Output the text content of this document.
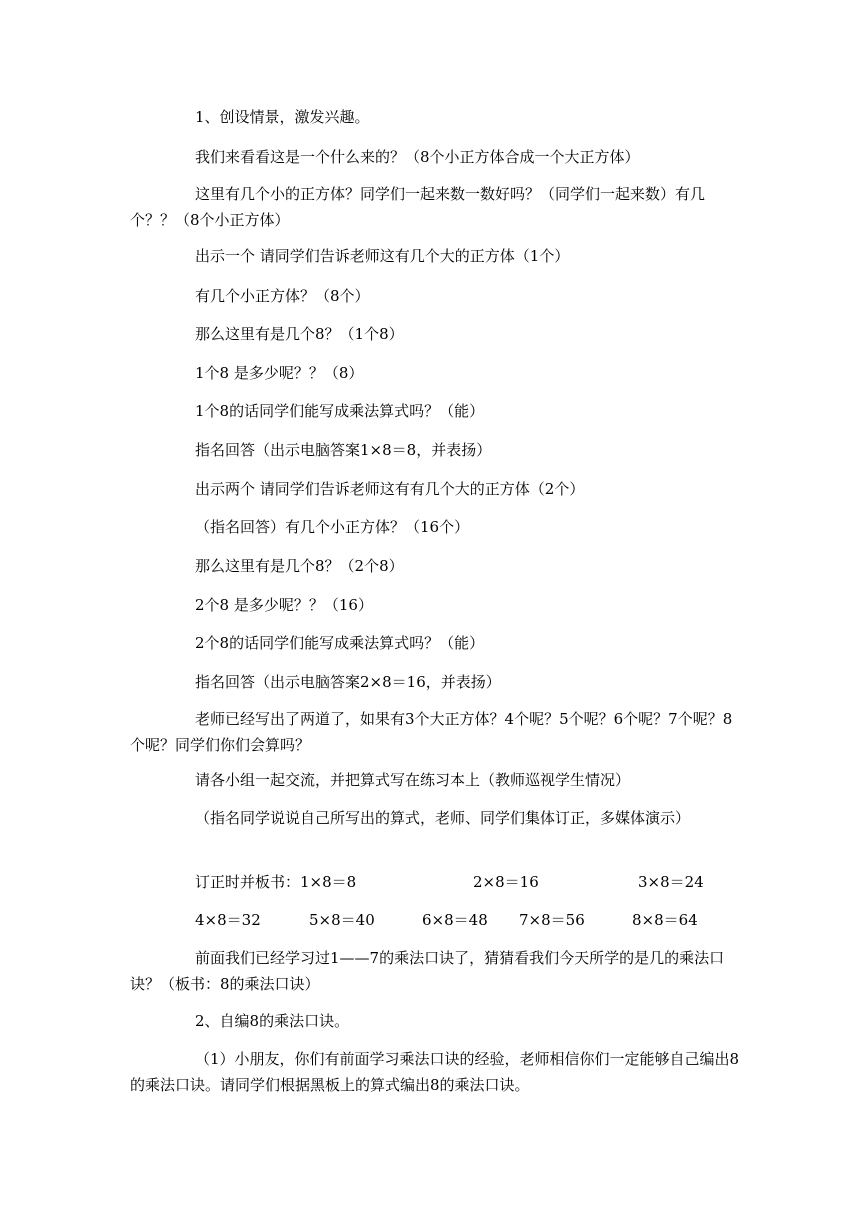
1、创设情景，激发兴趣。

我们来看看这是一个什么来的？（8个小正方体合成一个大正方体）

这里有几个小的正方体？同学们一起来数一数好吗？（同学们一起来数）有几个？？（8个小正方体）

出示一个 请同学们告诉老师这有几个大的正方体（1个）

有几个小正方体？（8个）

那么这里有是几个8？（1个8）

1个8 是多少呢？？（8）

1个8的话同学们能写成乘法算式吗？（能）

指名回答（出示电脑答案1×8＝8，并表扬）

出示两个 请同学们告诉老师这有有几个大的正方体（2个）

（指名回答）有几个小正方体？（16个）

那么这里有是几个8？（2个8）

2个8 是多少呢？？（16）

2个8的话同学们能写成乘法算式吗？（能）

指名回答（出示电脑答案2×8＝16，并表扬）

老师已经写出了两道了，如果有3个大正方体？4个呢？5个呢？6个呢？7个呢？8个呢？同学们你们会算吗？

请各小组一起交流，并把算式写在练习本上（教师巡视学生情况）

（指名同学说说自己所写出的算式，老师、同学们集体订正，多媒体演示）

订正时并板书：1×8＝8	2×8＝16	3×8＝24
4×8＝32	5×8＝40	6×8＝48 7×8＝56	8×8＝64

前面我们已经学习过1——7的乘法口诀了，猜猜看我们今天所学的是几的乘法口诀？（板书：8的乘法口诀）

2、自编8的乘法口诀。

（1）小朋友，你们有前面学习乘法口诀的经验，老师相信你们一定能够自己编出8的乘法口诀。请同学们根据黑板上的算式编出8的乘法口诀。
